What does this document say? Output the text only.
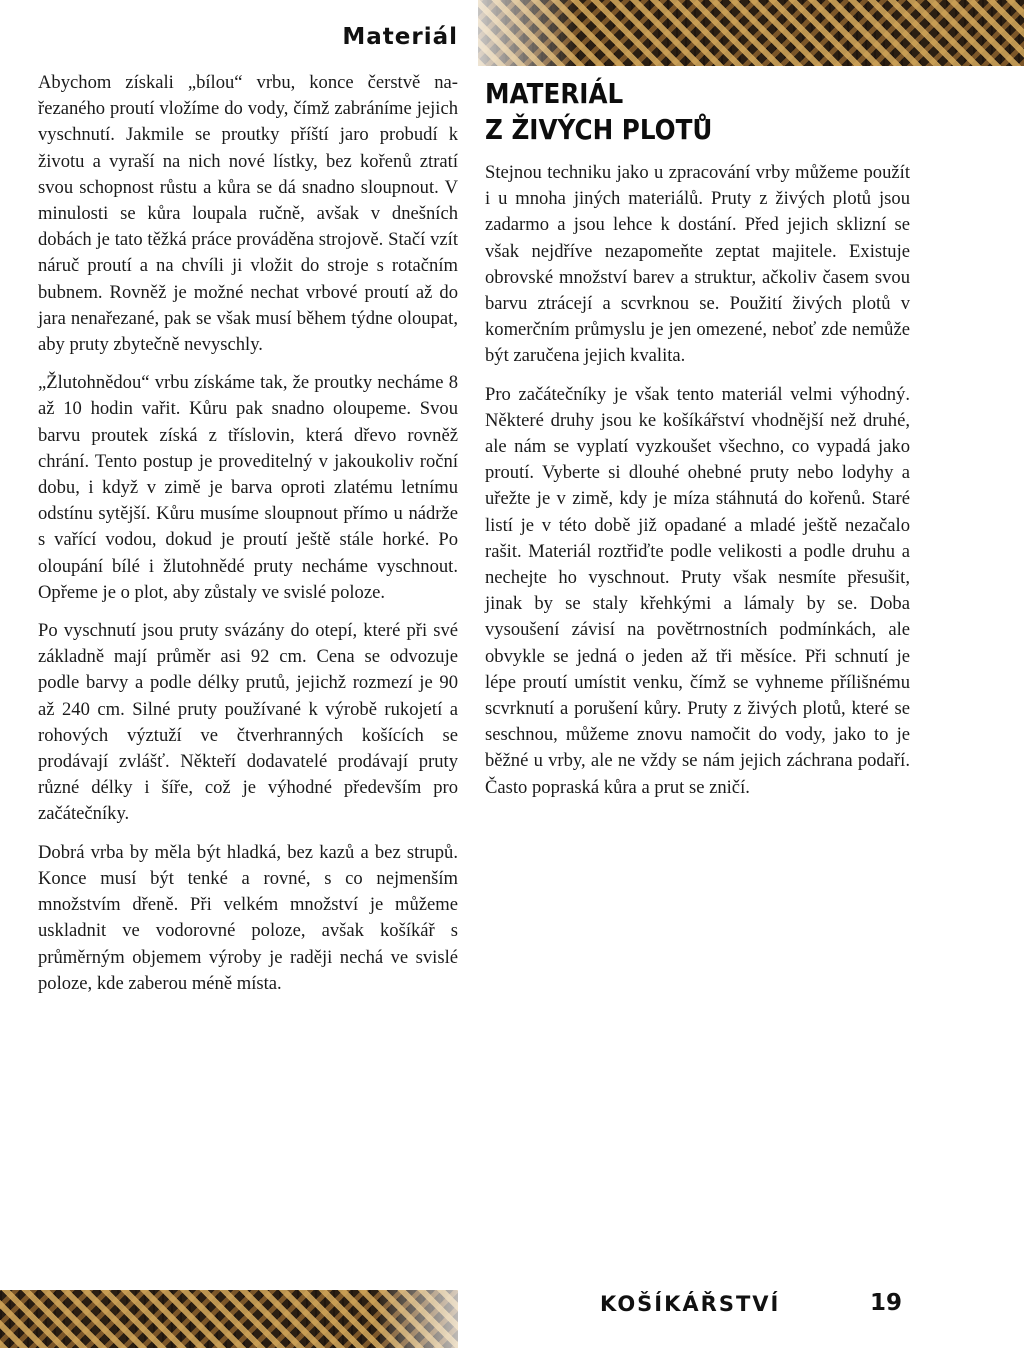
Materiál

Abychom získali „bílou“ vrbu, konce čerstvě nařezaného proutí vložíme do vody, čímž zabráníme jejich vyschnutí. Jakmile se proutky příští jaro probudí k životu a vyraší na nich nové lístky, bez kořenů ztratí svou schopnost růstu a kůra se dá snadno sloupnout. V minulosti se kůra loupala ručně, avšak v dnešních dobách je tato těžká práce prováděna strojově. Stačí vzít náruč proutí a na chvíli ji vložit do stroje s rotačním bubnem. Rovněž je možné nechat vrbové proutí až do jara nenařezané, pak se však musí během týdne oloupat, aby pruty zbytečně nevyschly.

„Žlutohnědou“ vrbu získáme tak, že proutky necháme 8 až 10 hodin vařit. Kůru pak snadno oloupeme. Svou barvu proutek získá z tříslovin, která dřevo rovněž chrání. Tento postup je proveditelný v jakoukoliv roční dobu, i když v zimě je barva oproti zlatému letnímu odstínu sytější. Kůru musíme sloupnout přímo u nádrže s vařící vodou, dokud je proutí ještě stále horké. Po oloupání bílé i žlutohnědé pruty necháme vyschnout. Opřeme je o plot, aby zůstaly ve svislé poloze.

Po vyschnutí jsou pruty svázány do otepí, které při své základně mají průměr asi 92 cm. Cena se odvozuje podle barvy a podle délky prutů, jejichž rozmezí je 90 až 240 cm. Silné pruty používané k výrobě rukojetí a rohových výztuží ve čtverhranných košících se prodávají zvlášť. Někteří dodavatelé prodávají pruty různé délky i šíře, což je výhodné především pro začátečníky.

Dobrá vrba by měla být hladká, bez kazů a bez strupů. Konce musí být tenké a rovné, s co nejmenším množstvím dřeně. Při velkém množství je můžeme uskladnit ve vodorovné poloze, avšak košíkář s průměrným objemem výroby je raději nechá ve svislé poloze, kde zaberou méně místa.

MATERIÁL
Z ŽIVÝCH PLOTŮ

Stejnou techniku jako u zpracování vrby můžeme použít i u mnoha jiných materiálů. Pruty z živých plotů jsou zadarmo a jsou lehce k dostání. Před jejich sklizní se však nejdříve nezapomeňte zeptat majitele. Existuje obrovské množství barev a struktur, ačkoliv časem svou barvu ztrácejí a scvrknou se. Použití živých plotů v komerčním průmyslu je jen omezené, neboť zde nemůže být zaručena jejich kvalita.

Pro začátečníky je však tento materiál velmi výhodný. Některé druhy jsou ke košíkářství vhodnější než druhé, ale nám se vyplatí vyzkoušet všechno, co vypadá jako proutí. Vyberte si dlouhé ohebné pruty nebo lodyhy a uřežte je v zimě, kdy je míza stáhnutá do kořenů. Staré listí je v této době již opadané a mladé ještě nezačalo rašit. Materiál roztřiďte podle velikosti a podle druhu a nechejte ho vyschnout. Pruty však nesmíte přesušit, jinak by se staly křehkými a lámaly by se. Doba vysoušení závisí na povětrnostních podmínkách, ale obvykle se jedná o jeden až tři měsíce. Při schnutí je lépe proutí umístit venku, čímž se vyhneme přílišnému scvrknutí a porušení kůry. Pruty z živých plotů, které se seschnou, můžeme znovu namočit do vody, jako to je běžné u vrby, ale ne vždy se nám jejich záchrana podaří. Často popraská kůra a prut se zničí.

KOŠÍKÁŘSTVÍ	19
